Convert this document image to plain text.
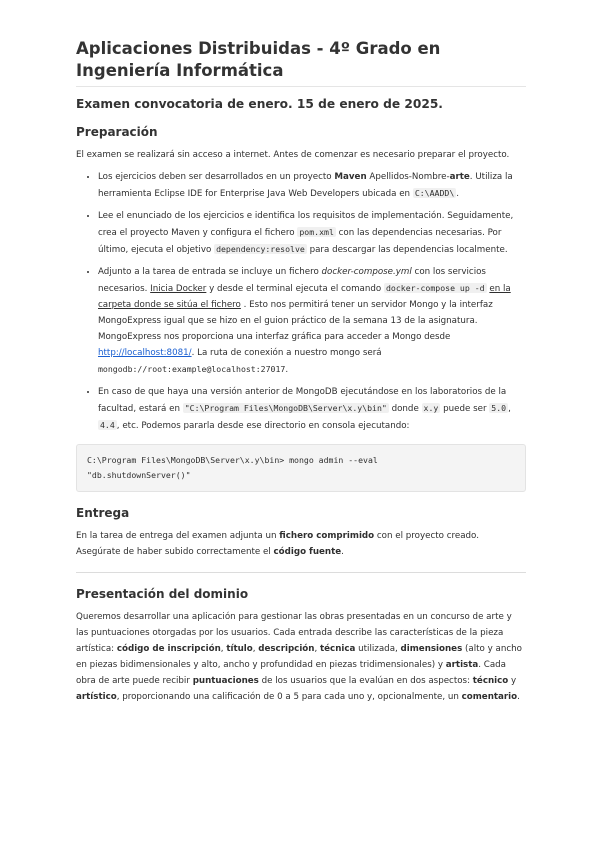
Aplicaciones Distribuidas - 4º Grado en Ingeniería Informática
Examen convocatoria de enero. 15 de enero de 2025.
Preparación

El examen se realizará sin acceso a internet. Antes de comenzar es necesario preparar el proyecto.

• Los ejercicios deben ser desarrollados en un proyecto Maven Apellidos-Nombre-arte. Utiliza la herramienta Eclipse IDE for Enterprise Java Web Developers ubicada en C:\AADD\ .
• Lee el enunciado de los ejercicios e identifica los requisitos de implementación. Seguidamente, crea el proyecto Maven y configura el fichero pom.xml con las dependencias necesarias. Por último, ejecuta el objetivo dependency:resolve para descargar las dependencias localmente.
• Adjunto a la tarea de entrada se incluye un fichero docker-compose.yml con los servicios necesarios. Inicia Docker y desde el terminal ejecuta el comando docker-compose up -d en la carpeta donde se sitúa el fichero . Esto nos permitirá tener un servidor Mongo y la interfaz MongoExpress igual que se hizo en el guion práctico de la semana 13 de la asignatura. MongoExpress nos proporciona una interfaz gráfica para acceder a Mongo desde http://localhost:8081/. La ruta de conexión a nuestro mongo será mongodb://root:example@localhost:27017.
• En caso de que haya una versión anterior de MongoDB ejecutándose en los laboratorios de la facultad, estará en "C:\Program Files\MongoDB\Server\x.y\bin" donde x.y puede ser 5.0 , 4.4 , etc. Podemos pararla desde ese directorio en consola ejecutando:
C:\Program Files\MongoDB\Server\x.y\bin> mongo admin --eval
"db.shutdownServer()"
Entrega

En la tarea de entrega del examen adjunta un fichero comprimido con el proyecto creado. Asegúrate de haber subido correctamente el código fuente.

Presentación del dominio

Queremos desarrollar una aplicación para gestionar las obras presentadas en un concurso de arte y las puntuaciones otorgadas por los usuarios. Cada entrada describe las características de la pieza artística: código de inscripción, título, descripción, técnica utilizada, dimensiones (alto y ancho en piezas bidimensionales y alto, ancho y profundidad en piezas tridimensionales) y artista. Cada obra de arte puede recibir puntuaciones de los usuarios que la evalúan en dos aspectos: técnico y artístico, proporcionando una calificación de 0 a 5 para cada uno y, opcionalmente, un comentario.
